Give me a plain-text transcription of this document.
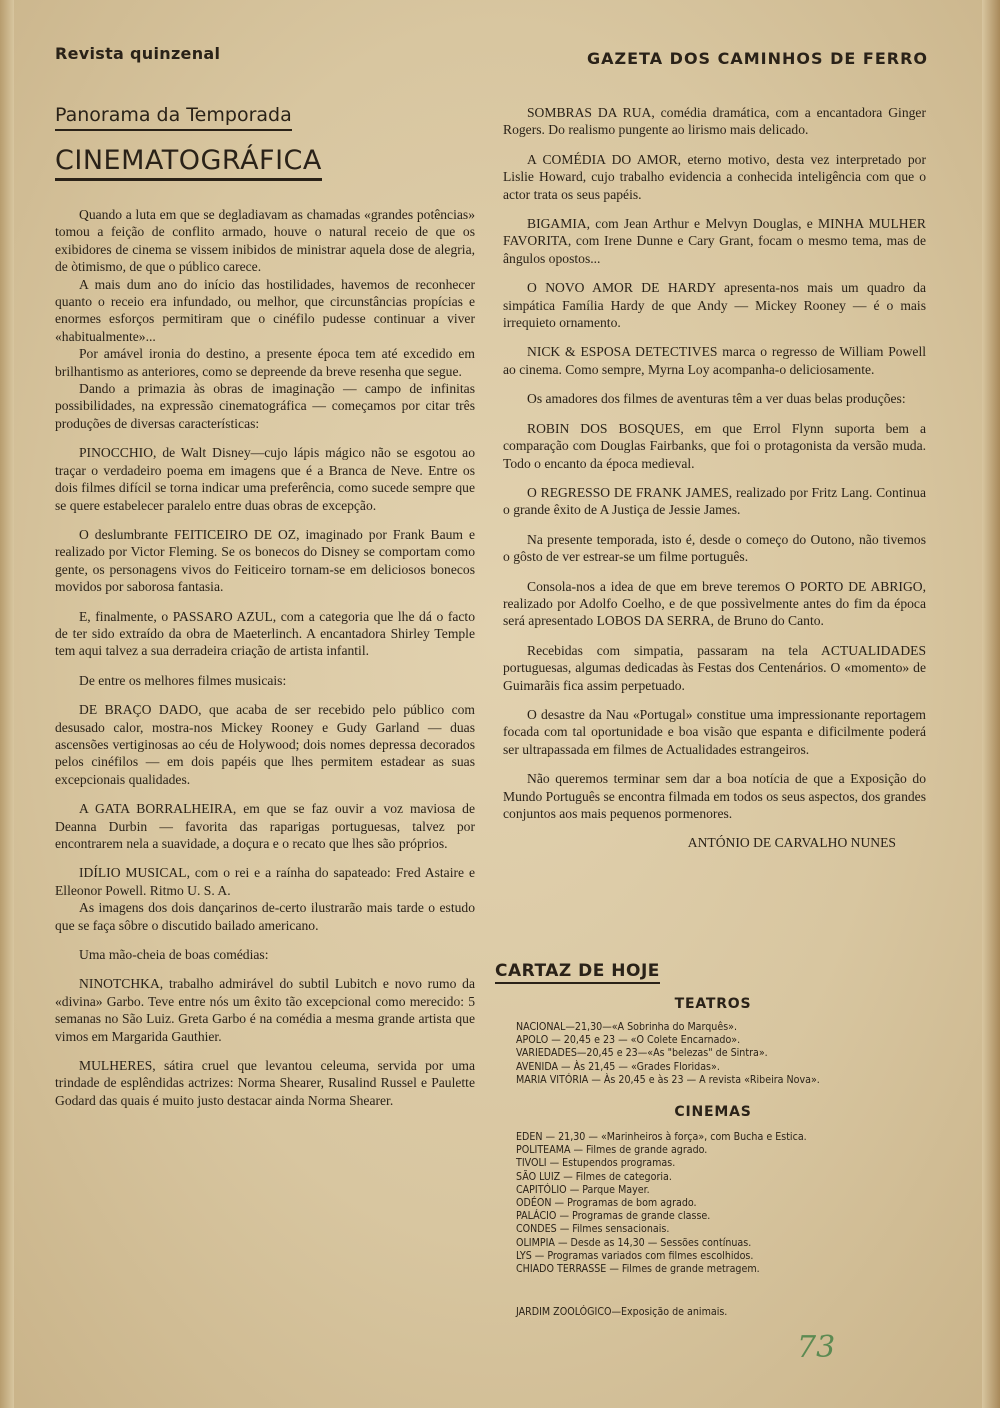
Revista quinzenal	GAZETA DOS CAMINHOS DE FERRO
Panorama da Temporada
CINEMATOGRÁFICA

Quando a luta em que se degladiavam as chamadas «grandes potências» tomou a feição de conflito armado, houve o natural receio de que os exibidores de cinema se vissem inibidos de ministrar aquela dose de alegria, de òtimismo, de que o público carece.

A mais dum ano do início das hostilidades, havemos de reconhecer quanto o receio era infundado, ou melhor, que circunstâncias propícias e enormes esforços permitiram que o cinéfilo pudesse continuar a viver «habitualmente»...

Por amável ironia do destino, a presente época tem até excedido em brilhantismo as anteriores, como se depreende da breve resenha que segue.

Dando a primazia às obras de imaginação — campo de infinitas possibilidades, na expressão cinematográfica — começamos por citar três produções de diversas características:

PINOCCHIO, de Walt Disney—cujo lápis mágico não se esgotou ao traçar o verdadeiro poema em imagens que é a Branca de Neve. Entre os dois filmes difícil se torna indicar uma preferência, como sucede sempre que se quere estabelecer paralelo entre duas obras de excepção.

O deslumbrante FEITICEIRO DE OZ, imaginado por Frank Baum e realizado por Victor Fleming. Se os bonecos do Disney se comportam como gente, os personagens vivos do Feiticeiro tornam-se em deliciosos bonecos movidos por saborosa fantasia.

E, finalmente, o PASSARO AZUL, com a categoria que lhe dá o facto de ter sido extraído da obra de Maeterlinch. A encantadora Shirley Temple tem aqui talvez a sua derradeira criação de artista infantil.

De entre os melhores filmes musicais:

DE BRAÇO DADO, que acaba de ser recebido pelo público com desusado calor, mostra-nos Mickey Rooney e Gudy Garland — duas ascensões vertiginosas ao céu de Holywood; dois nomes depressa decorados pelos cinéfilos — em dois papéis que lhes permitem estadear as suas excepcionais qualidades.

A GATA BORRALHEIRA, em que se faz ouvir a voz maviosa de Deanna Durbin — favorita das raparigas portuguesas, talvez por encontrarem nela a suavidade, a doçura e o recato que lhes são próprios.

IDÍLIO MUSICAL, com o rei e a raínha do sapateado: Fred Astaire e Elleonor Powell. Ritmo U. S. A.

As imagens dos dois dançarinos de-certo ilustrarão mais tarde o estudo que se faça sôbre o discutido bailado americano.

Uma mão-cheia de boas comédias:

NINOTCHKA, trabalho admirável do subtil Lubitch e novo rumo da «divina» Garbo. Teve entre nós um êxito tão excepcional como merecido: 5 semanas no São Luiz. Greta Garbo é na comédia a mesma grande artista que vimos em Margarida Gauthier.

MULHERES, sátira cruel que levantou celeuma, servida por uma trindade de esplêndidas actrizes: Norma Shearer, Rusalind Russel e Paulette Godard das quais é muito justo destacar ainda Norma Shearer.

SOMBRAS DA RUA, comédia dramática, com a encantadora Ginger Rogers. Do realismo pungente ao lirismo mais delicado.

A COMÉDIA DO AMOR, eterno motivo, desta vez interpretado por Lislie Howard, cujo trabalho evidencia a conhecida inteligência com que o actor trata os seus papéis.

BIGAMIA, com Jean Arthur e Melvyn Douglas, e MINHA MULHER FAVORITA, com Irene Dunne e Cary Grant, focam o mesmo tema, mas de ângulos opostos...

O NOVO AMOR DE HARDY apresenta-nos mais um quadro da simpática Família Hardy de que Andy — Mickey Rooney — é o mais irrequieto ornamento.

NICK & ESPOSA DETECTIVES marca o regresso de William Powell ao cinema. Como sempre, Myrna Loy acompanha-o deliciosamente.

Os amadores dos filmes de aventuras têm a ver duas belas produções:

ROBIN DOS BOSQUES, em que Errol Flynn suporta bem a comparação com Douglas Fairbanks, que foi o protagonista da versão muda. Todo o encanto da época medieval.

O REGRESSO DE FRANK JAMES, realizado por Fritz Lang. Continua o grande êxito de A Justiça de Jessie James.

Na presente temporada, isto é, desde o começo do Outono, não tivemos o gôsto de ver estrear-se um filme português.

Consola-nos a idea de que em breve teremos O PORTO DE ABRIGO, realizado por Adolfo Coelho, e de que possìvelmente antes do fim da época será apresentado LOBOS DA SERRA, de Bruno do Canto.

Recebidas com simpatia, passaram na tela ACTUALIDADES portuguesas, algumas dedicadas às Festas dos Centenários. O «momento» de Guimarãis fica assim perpetuado.

O desastre da Nau «Portugal» constitue uma impressionante reportagem focada com tal oportunidade e boa visão que espanta e dificilmente poderá ser ultrapassada em filmes de Actualidades estrangeiros.

Não queremos terminar sem dar a boa notícia de que a Exposição do Mundo Português se encontra filmada em todos os seus aspectos, dos grandes conjuntos aos mais pequenos pormenores.

ANTÓNIO DE CARVALHO NUNES

CARTAZ DE HOJE
TEATROS
NACIONAL—21,30—«A Sobrinha do Marquês».
APOLO — 20,45 e 23 — «O Colete Encarnado».
VARIEDADES—20,45 e 23—«As "belezas" de Sintra».
AVENIDA — Às 21,45 — «Grades Floridas».
MARIA VITÓRIA — Às 20,45 e às 23 — A revista «Ribeira Nova».
CINEMAS
EDEN — 21,30 — «Marinheiros à força», com Bucha e Estica.
POLITEAMA — Filmes de grande agrado.
TIVOLI — Estupendos programas.
SÃO LUIZ — Filmes de categoria.
CAPITÓLIO — Parque Mayer.
ODÉON — Programas de bom agrado.
PALÁCIO — Programas de grande classe.
CONDES — Filmes sensacionais.
OLIMPIA — Desde as 14,30 — Sessões contínuas.
LYS — Programas variados com filmes escolhidos.
CHIADO TERRASSE — Filmes de grande metragem.
JARDIM ZOOLÓGICO—Exposição de animais.
73
